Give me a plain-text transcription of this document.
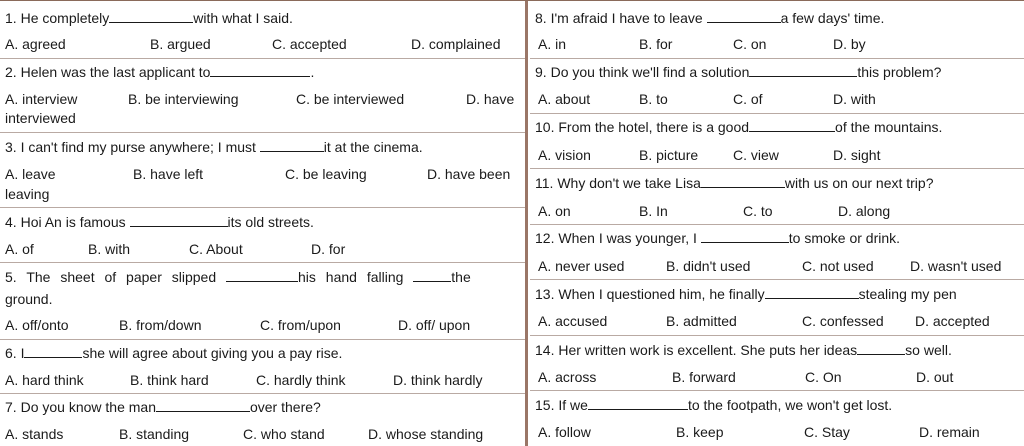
1. He completely	with what I said.
A. agreed	B. argued	C. accepted	D. complained
2. Helen was the last applicant to	.
A. interview	B. be interviewing	C. be interviewed	D. have
interviewed
3. I can't find my purse anywhere; I must	it at the cinema.
A. leave	B. have left	C. be leaving	D. have been
leaving
4. Hoi An is famous	its old streets.
A. of	B. with	C. About	D. for
5. The sheet of paper slipped	his hand falling	the
ground.
A. off/onto	B. from/down	C. from/upon	D. off/ upon
6. I	she will agree about giving you a pay rise.
A. hard think	B. think hard	C. hardly think	D. think hardly
7. Do you know the man	over there?
A. stands	B. standing	C. who stand	D. whose standing
8. I'm afraid I have to leave	a few days' time.
A. in	B. for	C. on	D. by
9. Do you think we'll find a solution	this problem?
A. about	B. to	C. of	D. with
10. From the hotel, there is a good	of the mountains.
A. vision	B. picture C. view	D. sight
11. Why don't we take Lisa	with us on our next trip?
A. on	B. In	C. to	D. along
12. When I was younger, I	to smoke or drink.
A. never used	B. didn't used	C. not used	D. wasn't used
13. When I questioned him, he finally	stealing my pen
A. accused	B. admitted	C. confessed D. accepted
14. Her written work is excellent. She puts her ideas	so well.
A. across	B. forward	C. On	D. out
15. If we	to the footpath, we won't get lost.
A. follow	B. keep	C. Stay	D. remain
